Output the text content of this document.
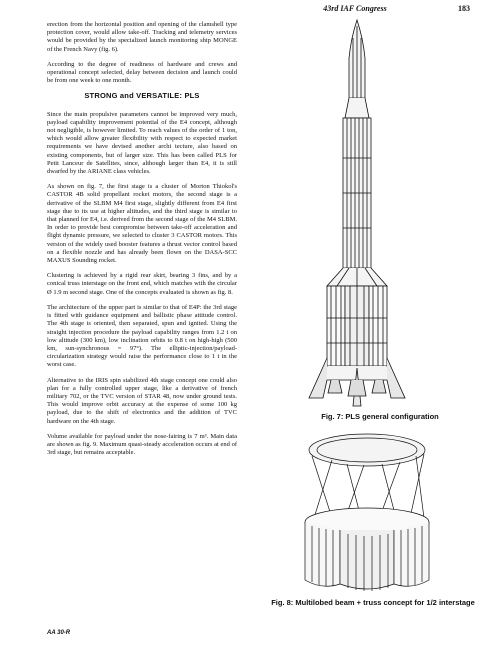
43rd IAF Congress	183

erection from the horizontal position and opening of the clamshell type protection cover, would allow take-off. Tracking and telemetry services would be provided by the specialized launch monitoring ship MONGE of the French Navy (fig. 6).

According to the degree of readiness of hardware and crews and operational concept selected, delay between decision and launch could be from one week to one month.

STRONG and VERSATILE: PLS

Since the main propulsive parameters cannot be improved very much, payload capability improvement potential of the E4 concept, although not negligible, is however limited. To reach values of the order of 1 ton, which would allow greater flexibility with respect to expected market requirements we have devised another archi tecture, also based on existing components, but of larger size. This has been called PLS for Petit Lanceur de Satellites, since, although larger than E4, it is still dwarfed by the ARIANE class vehicles.

As shown on fig. 7, the first stage is a cluster of Morton Thiokol's CASTOR 4B solid propellant rocket motors, the second stage is a derivative of the SLBM M4 first stage, slightly different from E4 first stage due to its use at higher altitudes, and the third stage is similar to that planned for E4, i.e. derived from the second stage of the M4 SLBM. In order to provide best compromise between take-off acceleration and flight dynamic pressure, we selected to cluster 3 CASTOR motors. This version of the widely used booster features a thrust vector control based on a flexible nozzle and has already been flown on the DASA-SCC MAXUS Sounding rocket.

Clustering is achieved by a rigid rear skirt, bearing 3 fins, and by a conical truss interstage on the front end, which matches with the circular Ø 1.9 m second stage. One of the concepts evaluated is shown as fig. 8.

The architecture of the upper part is similar to that of E4P: the 3rd stage is fitted with guidance equipment and ballistic phase attitude control. The 4th stage is oriented, then separated, spun and ignited. Using the straight injection procedure the payload capability ranges from 1.2 t on low altitude (300 km), low inclination orbits to 0.8 t on high-high (500 km, sun-synchronous = 97°). The elliptic-injection/payload-circularization strategy would raise the performance close to 1 t in the worst case.

Alternative to the IRIS spin stabilized 4th stage concept one could also plan for a fully controlled upper stage, like a derivative of french military 702, or the TVC version of STAR 48, now under ground tests. This would improve orbit accuracy at the expense of some 100 kg payload, due to the shift of electronics and the addition of TVC hardware on the 4th stage.

Volume available for payload under the nose-fairing is 7 m³. Main data are shown as fig. 9. Maximum quasi-steady acceleration occurs at end of 3rd stage, but remains acceptable.

Fig. 7: PLS general configuration
Fig. 8: Multilobed beam + truss concept for 1/2 interstage
AA 30-R
